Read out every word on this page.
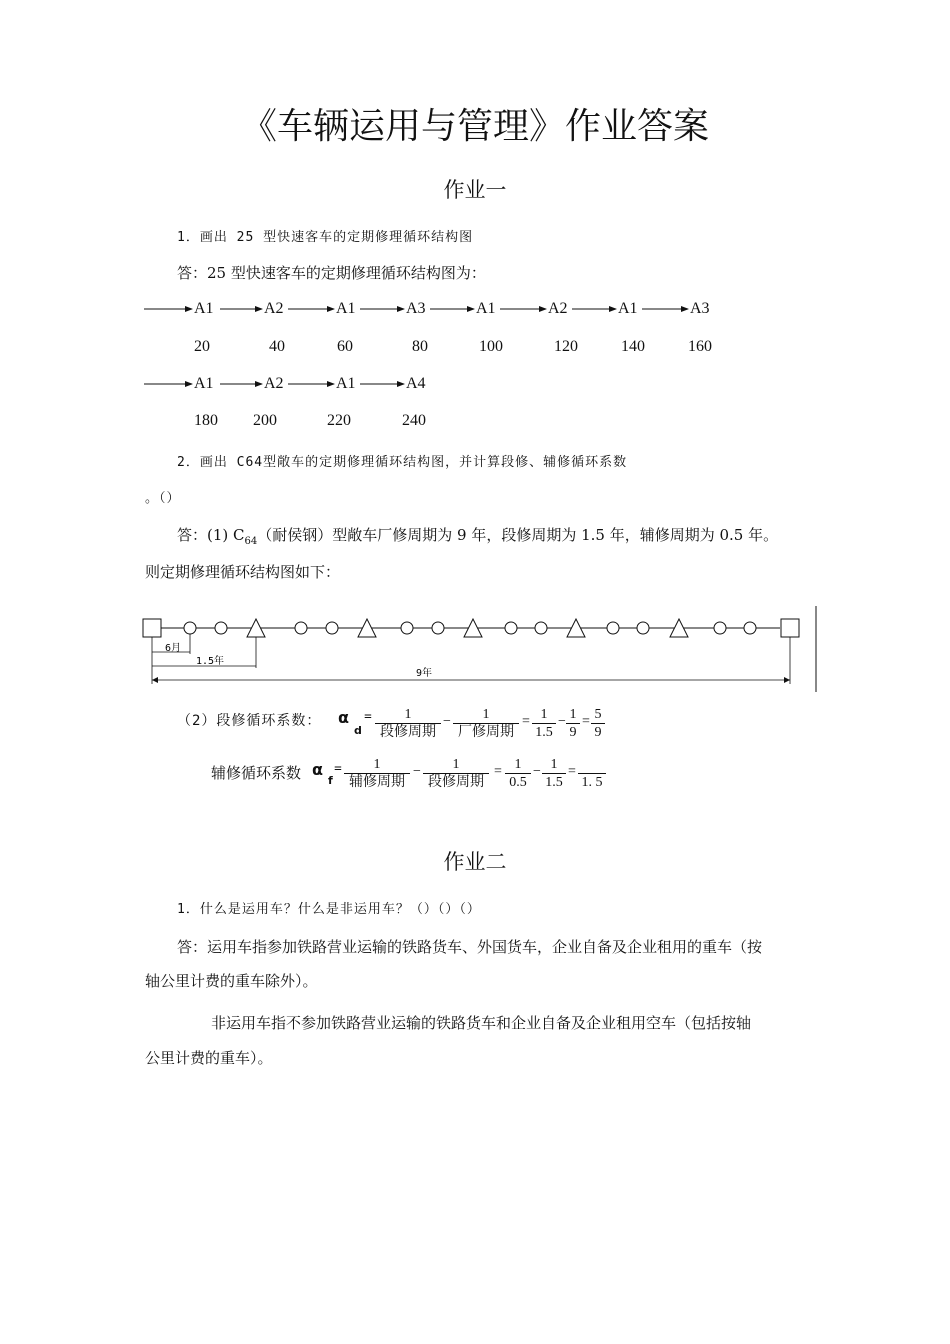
《车辆运用与管理》作业答案
作业一
1．画出 25 型快速客车的定期修理循环结构图
答：25 型快速客车的定期修理循环结构图为：
A1	A2	A1	A3	A1	A2	A1	A3
20	40	60	80	100	120	140	160
A1	A2	A1	A4
180 200	220	240
2．画出 C64型敞车的定期修理循环结构图，并计算段修、辅修循环系数
。（）
答：(1) $C_{64}$（耐侯钢）型敞车厂修周期为 9 年，段修周期为 1.5 年，辅修周期为 0.5 年。
则定期修理循环结构图如下：
6月
1.5年
9年
（2）段修循环系数： α
d
=	1
段修周期
−	1
厂修周期
= $\frac{1}{1.5} - \frac{1}{9} = \frac{5}{9}$
辅修循环系数 α
f
=	1
辅修周期
−	1
段修周期
= $\frac{1}{0.5} - \frac{1}{1.5}$ =
1. 5
作业二
1．什么是运用车？什么是非运用车？（）（）（）
答：运用车指参加铁路营业运输的铁路货车、外国货车，企业自备及企业租用的重车（按
轴公里计费的重车除外）。
非运用车指不参加铁路营业运输的铁路货车和企业自备及企业租用空车（包括按轴
公里计费的重车）。
